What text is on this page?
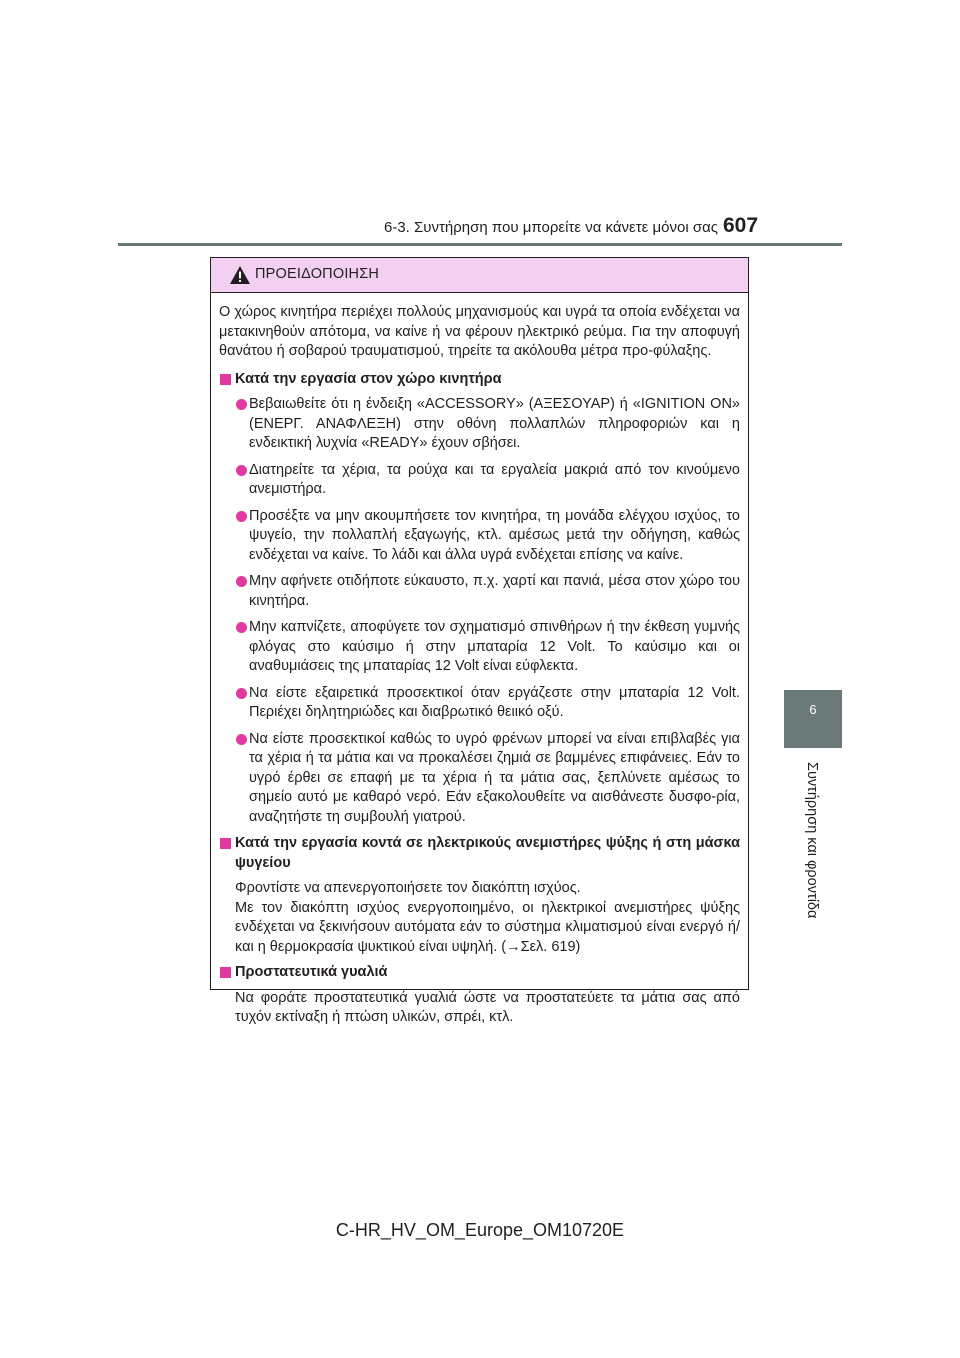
6-3. Συντήρηση που μπορείτε να κάνετε μόνοι σας 607
6
Συντήρηση και φροντίδα
ΠΡΟΕΙΔΟΠΟΙΗΣΗ

Ο χώρος κινητήρα περιέχει πολλούς μηχανισμούς και υγρά τα οποία ενδέχεται να μετακινηθούν απότομα, να καίνε ή να φέρουν ηλεκτρικό ρεύμα. Για την αποφυγή θανάτου ή σοβαρού τραυματισμού, τηρείτε τα ακόλουθα μέτρα προ-φύλαξης.

Κατά την εργασία στον χώρο κινητήρα
Βεβαιωθείτε ότι η ένδειξη «ACCESSORY» (ΑΞΕΣΟΥΑΡ) ή «IGNITION ON» (ΕΝΕΡΓ. ΑΝΑΦΛΕΞΗ) στην οθόνη πολλαπλών πληροφοριών και η ενδεικτική λυχνία «READY» έχουν σβήσει.
Διατηρείτε τα χέρια, τα ρούχα και τα εργαλεία μακριά από τον κινούμενο ανεμιστήρα.
Προσέξτε να μην ακουμπήσετε τον κινητήρα, τη μονάδα ελέγχου ισχύος, το ψυγείο, την πολλαπλή εξαγωγής, κτλ. αμέσως μετά την οδήγηση, καθώς ενδέχεται να καίνε. Το λάδι και άλλα υγρά ενδέχεται επίσης να καίνε.
Μην αφήνετε οτιδήποτε εύκαυστο, π.χ. χαρτί και πανιά, μέσα στον χώρο του κινητήρα.
Μην καπνίζετε, αποφύγετε τον σχηματισμό σπινθήρων ή την έκθεση γυμνής φλόγας στο καύσιμο ή στην μπαταρία 12 Volt. Το καύσιμο και οι αναθυμιάσεις της μπαταρίας 12 Volt είναι εύφλεκτα.
Να είστε εξαιρετικά προσεκτικοί όταν εργάζεστε στην μπαταρία 12 Volt. Περιέχει δηλητηριώδες και διαβρωτικό θειικό οξύ.
Να είστε προσεκτικοί καθώς το υγρό φρένων μπορεί να είναι επιβλαβές για τα χέρια ή τα μάτια και να προκαλέσει ζημιά σε βαμμένες επιφάνειες. Εάν το υγρό έρθει σε επαφή με τα χέρια ή τα μάτια σας, ξεπλύνετε αμέσως το σημείο αυτό με καθαρό νερό. Εάν εξακολουθείτε να αισθάνεστε δυσφο-ρία, αναζητήστε τη συμβουλή γιατρού.
Κατά την εργασία κοντά σε ηλεκτρικούς ανεμιστήρες ψύξης ή στη μάσκα ψυγείου
Φροντίστε να απενεργοποιήσετε τον διακόπτη ισχύος.
Με τον διακόπτη ισχύος ενεργοποιημένο, οι ηλεκτρικοί ανεμιστήρες ψύξης ενδέχεται να ξεκινήσουν αυτόματα εάν το σύστημα κλιματισμού είναι ενεργό ή/και η θερμοκρασία ψυκτικού είναι υψηλή. (→Σελ. 619)
Προστατευτικά γυαλιά
Να φοράτε προστατευτικά γυαλιά ώστε να προστατεύετε τα μάτια σας από τυχόν εκτίναξη ή πτώση υλικών, σπρέι, κτλ.
C-HR_HV_OM_Europe_OM10720E
